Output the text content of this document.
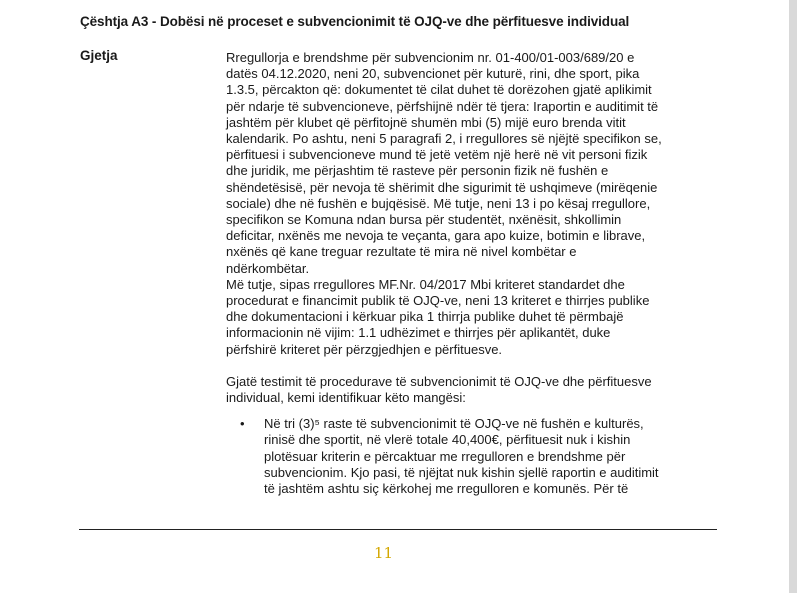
Çështja A3 - Dobësi në proceset e subvencionimit të OJQ-ve dhe përfituesve individual
Gjetja	Rregullorja e brendshme për subvencionim nr. 01-400/01-003/689/20 e
datës 04.12.2020, neni 20, subvencionet për kuturë, rini, dhe sport, pika
1.3.5, përcakton që: dokumentet të cilat duhet të dorëzohen gjatë aplikimit
për ndarje të subvencioneve, përfshijnë ndër të tjera: Iraportin e auditimit të
jashtëm për klubet që përfitojnë shumën mbi (5) mijë euro brenda vitit
kalendarik. Po ashtu, neni 5 paragrafi 2, i rregullores së njëjtë specifikon se,
përfituesi i subvencioneve mund të jetë vetëm një herë në vit personi fizik
dhe juridik, me përjashtim të rasteve për personin fizik në fushën e
shëndetësisë, për nevoja të shërimit dhe sigurimit të ushqimeve (mirëqenie
sociale) dhe në fushën e bujqësisë. Më tutje, neni 13 i po kësaj rregullore,
specifikon se Komuna ndan bursa për studentët, nxënësit, shkollimin
deficitar, nxënës me nevoja te veçanta, gara apo kuize, botimin e librave,
nxënës që kane treguar rezultate të mira në nivel kombëtar e
ndërkombëtar.

Më tutje, sipas rregullores MF.Nr. 04/2017 Mbi kriteret standardet dhe
procedurat e financimit publik të OJQ-ve, neni 13 kriteret e thirrjes publike
dhe dokumentacioni i kërkuar pika 1 thirrja publike duhet të përmbajë
informacionin në vijim: 1.1 udhëzimet e thirrjes për aplikantët, duke
përfshirë kriteret për përzgjedhjen e përfituesve.

Gjatë testimit të procedurave të subvencionimit të OJQ-ve dhe përfituesve
individual, kemi identifikuar këto mangësi:

• Në tri (3)⁵ raste të subvencionimit të OJQ-ve në fushën e kulturës,
rinisë dhe sportit, në vlerë totale 40,400€, përfituesit nuk i kishin
plotësuar kriterin e përcaktuar me rregulloren e brendshme për
subvencionim. Kjo pasi, të njëjtat nuk kishin sjellë raportin e auditimit
të jashtëm ashtu siç kërkohej me rregulloren e komunës. Për të

11
